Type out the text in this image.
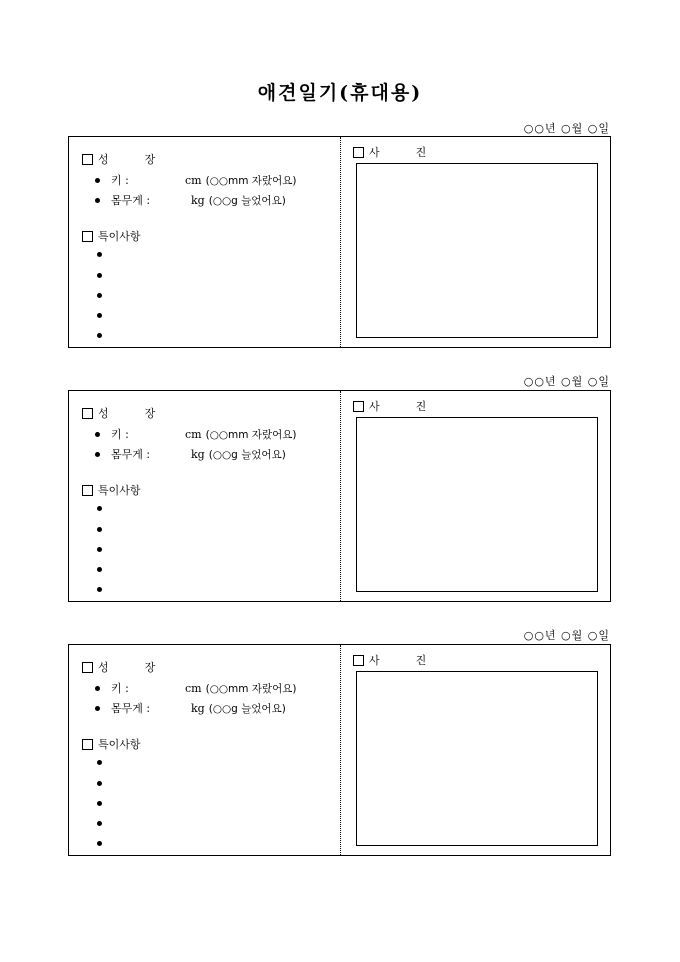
애견일기(휴대용)
○○년 ○월 ○일
성	장
키 :	cm (○○mm 자랐어요)
몸무게 :	kg (○○g 늘었어요)
특이사항
사	진
○○년 ○월 ○일
성	장
키 :	cm (○○mm 자랐어요)
몸무게 :	kg (○○g 늘었어요)
특이사항
사	진
○○년 ○월 ○일
성	장
키 :	cm (○○mm 자랐어요)
몸무게 :	kg (○○g 늘었어요)
특이사항
사	진
